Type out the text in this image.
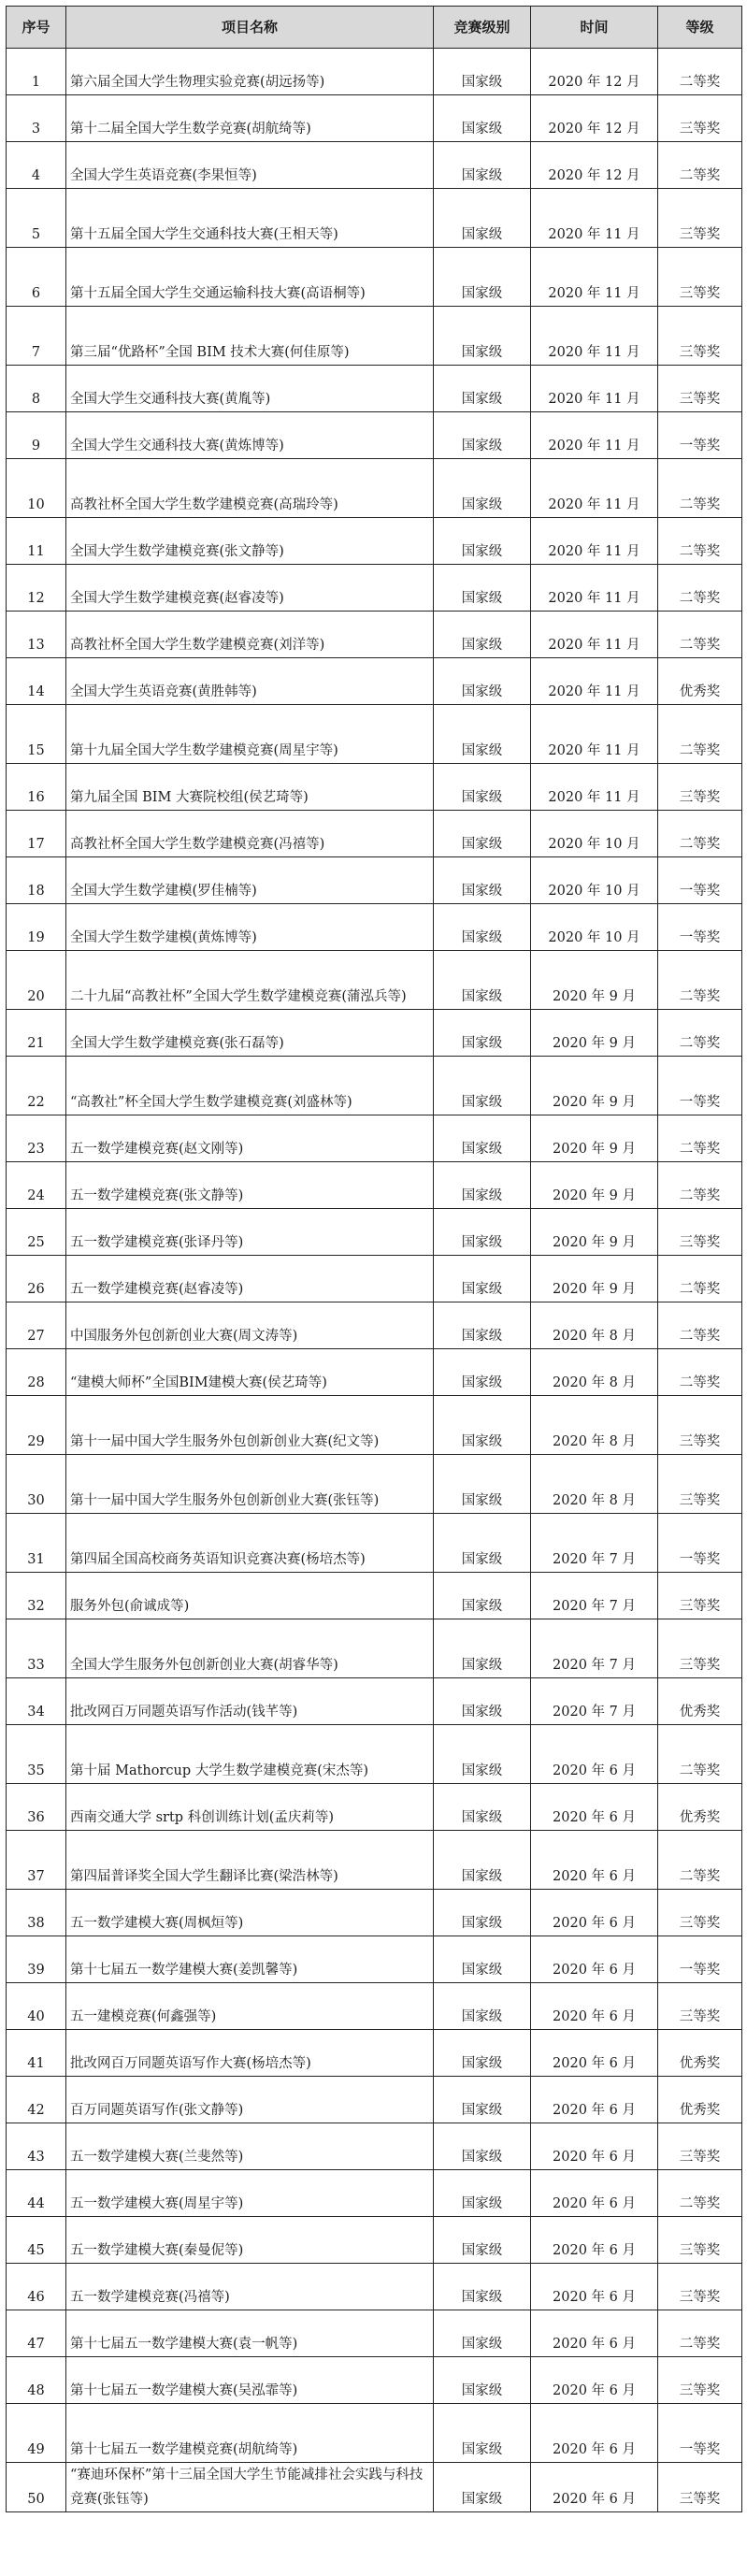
序号	项目名称	竞赛级别	时间	等级
1	第六届全国大学生物理实验竞赛(胡远扬等)	国家级	2020 年 12 月	二等奖
3	第十二届全国大学生数学竞赛(胡航绮等)	国家级	2020 年 12 月	三等奖
4	全国大学生英语竞赛(李果恒等)	国家级	2020 年 12 月	二等奖
5	第十五届全国大学生交通科技大赛(王相天等)	国家级	2020 年 11 月	三等奖
6	第十五届全国大学生交通运输科技大赛(高语桐等)	国家级	2020 年 11 月	三等奖
7	第三届“优路杯”全国 BIM 技术大赛(何佳原等)	国家级	2020 年 11 月	三等奖
8	全国大学生交通科技大赛(黄胤等)	国家级	2020 年 11 月	三等奖
9	全国大学生交通科技大赛(黄炼博等)	国家级	2020 年 11 月	一等奖
10	高教社杯全国大学生数学建模竞赛(高瑞玲等)	国家级	2020 年 11 月	二等奖
11	全国大学生数学建模竞赛(张文静等)	国家级	2020 年 11 月	二等奖
12	全国大学生数学建模竞赛(赵睿凌等)	国家级	2020 年 11 月	二等奖
13	高教社杯全国大学生数学建模竞赛(刘洋等)	国家级	2020 年 11 月	二等奖
14	全国大学生英语竞赛(黄胜韩等)	国家级	2020 年 11 月	优秀奖
15	第十九届全国大学生数学建模竞赛(周星宇等)	国家级	2020 年 11 月	二等奖
16	第九届全国 BIM 大赛院校组(侯艺琦等)	国家级	2020 年 11 月	三等奖
17	高教社杯全国大学生数学建模竞赛(冯禧等)	国家级	2020 年 10 月	二等奖
18	全国大学生数学建模(罗佳楠等)	国家级	2020 年 10 月	一等奖
19	全国大学生数学建模(黄炼博等)	国家级	2020 年 10 月	一等奖
20	二十九届“高教社杯”全国大学生数学建模竞赛(蒲泓兵等)	国家级	2020 年 9 月	二等奖
21	全国大学生数学建模竞赛(张石磊等)	国家级	2020 年 9 月	二等奖
22	“高教社”杯全国大学生数学建模竞赛(刘盛林等)	国家级	2020 年 9 月	一等奖
23	五一数学建模竞赛(赵文刚等)	国家级	2020 年 9 月	二等奖
24	五一数学建模竞赛(张文静等)	国家级	2020 年 9 月	二等奖
25	五一数学建模竞赛(张译丹等)	国家级	2020 年 9 月	三等奖
26	五一数学建模竞赛(赵睿凌等)	国家级	2020 年 9 月	二等奖
27	中国服务外包创新创业大赛(周文涛等)	国家级	2020 年 8 月	二等奖
28	“建模大师杯”全国BIM建模大赛(侯艺琦等)	国家级	2020 年 8 月	二等奖
29	第十一届中国大学生服务外包创新创业大赛(纪文等)	国家级	2020 年 8 月	三等奖
30	第十一届中国大学生服务外包创新创业大赛(张钰等)	国家级	2020 年 8 月	三等奖
31	第四届全国高校商务英语知识竞赛决赛(杨培杰等)	国家级	2020 年 7 月	一等奖
32	服务外包(俞诚成等)	国家级	2020 年 7 月	三等奖
33	全国大学生服务外包创新创业大赛(胡睿华等)	国家级	2020 年 7 月	三等奖
34	批改网百万同题英语写作活动(钱芊等)	国家级	2020 年 7 月	优秀奖
35	第十届 Mathorcup 大学生数学建模竞赛(宋杰等)	国家级	2020 年 6 月	二等奖
36	西南交通大学 srtp 科创训练计划(孟庆莉等)	国家级	2020 年 6 月	优秀奖
37	第四届普译奖全国大学生翻译比赛(梁浩林等)	国家级	2020 年 6 月	二等奖
38	五一数学建模大赛(周枫烜等)	国家级	2020 年 6 月	三等奖
39	第十七届五一数学建模大赛(姜凯馨等)	国家级	2020 年 6 月	一等奖
40	五一建模竞赛(何鑫强等)	国家级	2020 年 6 月	三等奖
41	批改网百万同题英语写作大赛(杨培杰等)	国家级	2020 年 6 月	优秀奖
42	百万同题英语写作(张文静等)	国家级	2020 年 6 月	优秀奖
43	五一数学建模大赛(兰斐然等)	国家级	2020 年 6 月	三等奖
44	五一数学建模大赛(周星宇等)	国家级	2020 年 6 月	二等奖
45	五一数学建模大赛(秦曼伲等)	国家级	2020 年 6 月	三等奖
46	五一数学建模竞赛(冯禧等)	国家级	2020 年 6 月	三等奖
47	第十七届五一数学建模大赛(袁一帆等)	国家级	2020 年 6 月	二等奖
48	第十七届五一数学建模大赛(吴泓霏等)	国家级	2020 年 6 月	三等奖
49	第十七届五一数学建模竞赛(胡航绮等)	国家级	2020 年 6 月	一等奖
50	“赛迪环保杯”第十三届全国大学生节能减排社会实践与科技竞赛(张钰等)	国家级	2020 年 6 月	三等奖
